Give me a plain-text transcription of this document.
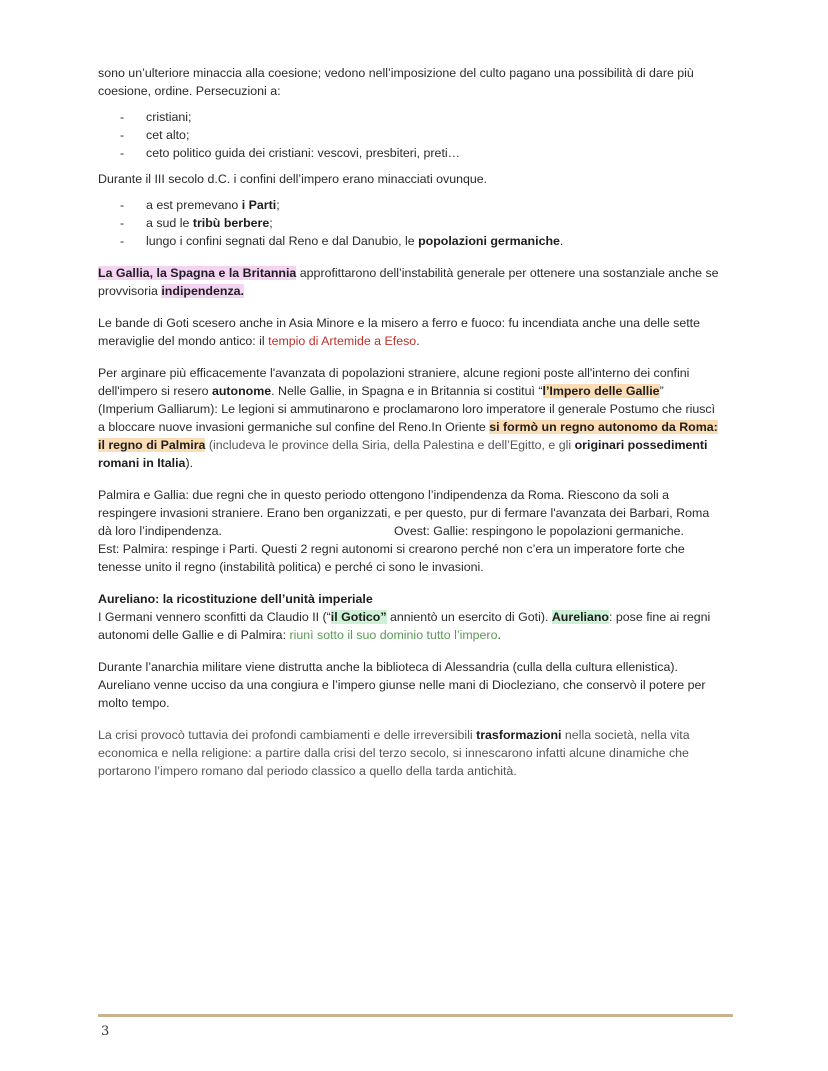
sono un’ulteriore minaccia alla coesione; vedono nell’imposizione del culto pagano una possibilità di dare più
coesione, ordine. Persecuzioni a:

- cristiani;
- cet alto;
- ceto politico guida dei cristiani: vescovi, presbiteri, preti…

Durante il III secolo d.C. i confini dell’impero erano minacciati ovunque.

- a est premevano i Parti;
- a sud le tribù berbere;
- lungo i confini segnati dal Reno e dal Danubio, le popolazioni germaniche.

La Gallia, la Spagna e la Britannia approfittarono dell’instabilità generale per ottenere una sostanziale anche se
provvisoria indipendenza.

Le bande di Goti scesero anche in Asia Minore e la misero a ferro e fuoco: fu incendiata anche una delle sette
meraviglie del mondo antico: il tempio di Artemide a Efeso.

Per arginare più efficacemente l'avanzata di popolazioni straniere, alcune regioni poste all'interno dei confini
dell'impero si resero autonome. Nelle Gallie, in Spagna e in Britannia si costituì “l’Impero delle Gallie”
(Imperium Galliarum): Le legioni si ammutinarono e proclamarono loro imperatore il generale Postumo che riuscì
a bloccare nuove invasioni germaniche sul confine del Reno.In Oriente si formò un regno autonomo da Roma:
il regno di Palmira (includeva le province della Siria, della Palestina e dell’Egitto, e gli originari possedimenti
romani in Italia).

Palmira e Gallia: due regni che in questo periodo ottengono l’indipendenza da Roma. Riescono da soli a
respingere invasioni straniere. Erano ben organizzati, e per questo, pur di fermare l'avanzata dei Barbari, Roma
dà loro l’indipendenza.	Ovest: Gallie: respingono le popolazioni germaniche.
Est: Palmira: respinge i Parti. Questi 2 regni autonomi si crearono perché non c’era un imperatore forte che
tenesse unito il regno (instabilità politica) e perché ci sono le invasioni.

Aureliano: la ricostituzione dell’unità imperiale
I Germani vennero sconfitti da Claudio II (“il Gotico” annientò un esercito di Goti). Aureliano: pose fine ai regni
autonomi delle Gallie e di Palmira: riunì sotto il suo dominio tutto l’impero.

Durante l’anarchia militare viene distrutta anche la biblioteca di Alessandria (culla della cultura ellenistica).
Aureliano venne ucciso da una congiura e l’impero giunse nelle mani di Diocleziano, che conservò il potere per
molto tempo.

La crisi provocò tuttavia dei profondi cambiamenti e delle irreversibili trasformazioni nella società, nella vita
economica e nella religione: a partire dalla crisi del terzo secolo, si innescarono infatti alcune dinamiche che
portarono l’impero romano dal periodo classico a quello della tarda antichità.

3
